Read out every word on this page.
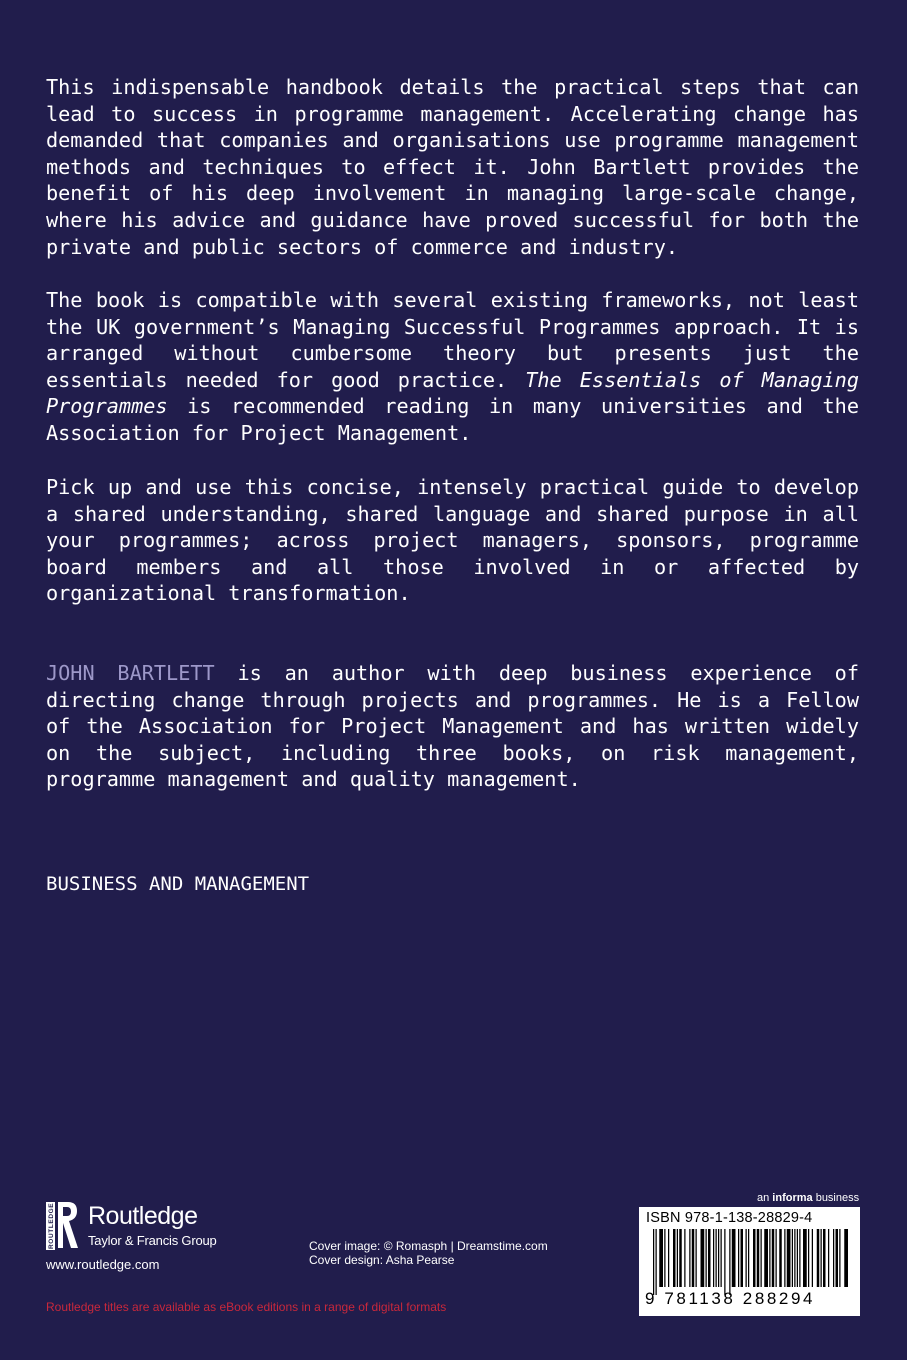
This indispensable handbook details the practical steps that can lead to success in programme management. Accelerating change has demanded that companies and organisations use programme management methods and techniques to effect it. John Bartlett provides the benefit of his deep involvement in managing large-scale change, where his advice and guidance have proved successful for both the private and public sectors of commerce and industry.

The book is compatible with several existing frameworks, not least the UK government’s Managing Successful Programmes approach. It is arranged without cumbersome theory but presents just the essentials needed for good practice. The Essentials of Managing Programmes is recommended reading in many universities and the Association for Project Management.

Pick up and use this concise, intensely practical guide to develop a shared understanding, shared language and shared purpose in all your programmes; across project managers, sponsors, programme board members and all those involved in or affected by organizational transformation.

JOHN BARTLETT is an author with deep business experience of directing change through projects and programmes. He is a Fellow of the Association for Project Management and has written widely on the subject, including three books, on risk management, programme management and quality management.

BUSINESS AND MANAGEMENT
ROUTLEDGE Routledge
Taylor & Francis Group
www.routledge.com
Cover image: © Romasph | Dreamstime.com
Cover design: Asha Pearse
Routledge titles are available as eBook editions in a range of digital formats
an informa business
ISBN 978-1-138-28829-4
9 781138 288294
